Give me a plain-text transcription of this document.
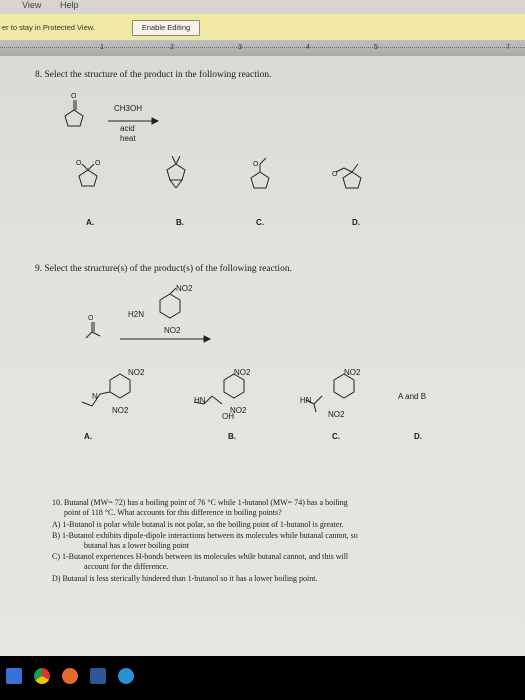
View Help
er to stay in Protected View.	Enable Editing
1	2	3	4	5	7
8. Select the structure of the product in the following reaction.
O
CH3OH
acid
heat
O O	O
O
A.	B.	C.	D.
9. Select the structure(s) of the product(s) of the following reaction.
O
NO2
H2N
NO2
NO2
N
NO2
NO2
HN
OH
NO2
NO2
HN
NO2
A and B
A.	B.	C.	D.
10. Butanal (MW= 72) has a boiling point of 76 °C while 1-butanol (MW= 74) has a boiling
point of 118 °C. What accounts for this difference in boiling points?
A) 1-Butanol is polar while butanal is not polar, so the boiling point of 1-butanol is greater.
B) 1-Butanol exhibits dipole-dipole interactions between its molecules while butanal cannot, so
butanal has a lower boiling point
C) 1-Butanol experiences H-bonds between its molecules while butanal cannot, and this will
account for the difference.
D) Butanal is less sterically hindered than 1-butanol so it has a lower boiling point.
